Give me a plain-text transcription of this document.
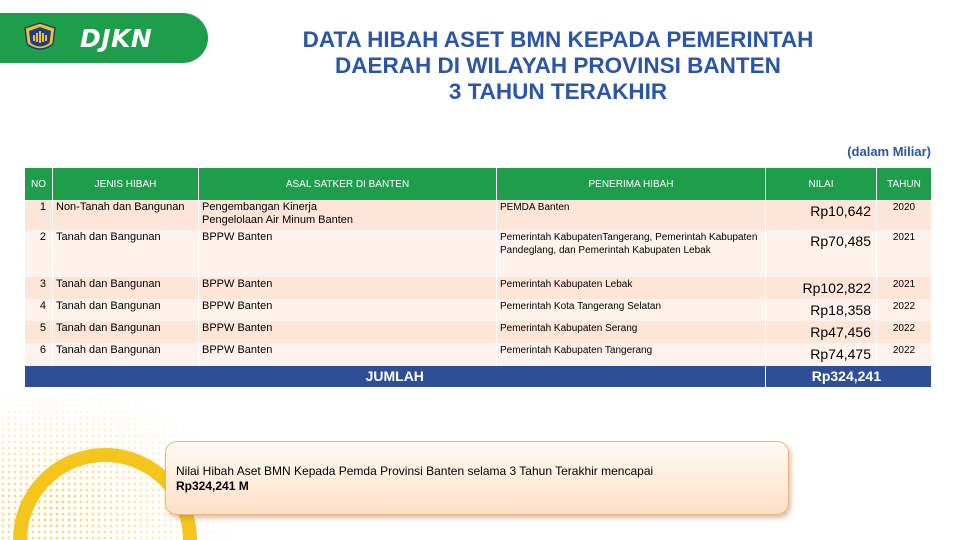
DJKN	DATA HIBAH ASET BMN KEPADA PEMERINTAH
DAERAH DI WILAYAH PROVINSI BANTEN
3 TAHUN TERAKHIR
(dalam Miliar)
NO	JENIS HIBAH	ASAL SATKER DI BANTEN	PENERIMA HIBAH	NILAI	TAHUN
1	Non-Tanah dan Bangunan	Pengembangan Kinerja Pengelolaan Air Minum Banten	PEMDA Banten	Rp10,642	2020
2	Tanah dan Bangunan	BPPW Banten	Pemerintah KabupatenTangerang, Pemerintah Kabupaten Pandeglang, dan Pemerintah Kabupaten Lebak	Rp70,485	2021
3	Tanah dan Bangunan	BPPW Banten	Pemerintah Kabupaten Lebak	Rp102,822	2021
4	Tanah dan Bangunan	BPPW Banten	Pemerintah Kota Tangerang Selatan	Rp18,358	2022
5	Tanah dan Bangunan	BPPW Banten	Pemerintah Kabupaten Serang	Rp47,456	2022
6	Tanah dan Bangunan	BPPW Banten	Pemerintah Kabupaten Tangerang	Rp74,475	2022
JUMLAH				Rp324,241	
Nilai Hibah Aset BMN Kepada Pemda Provinsi Banten selama 3 Tahun Terakhir mencapai
Rp324,241 M
